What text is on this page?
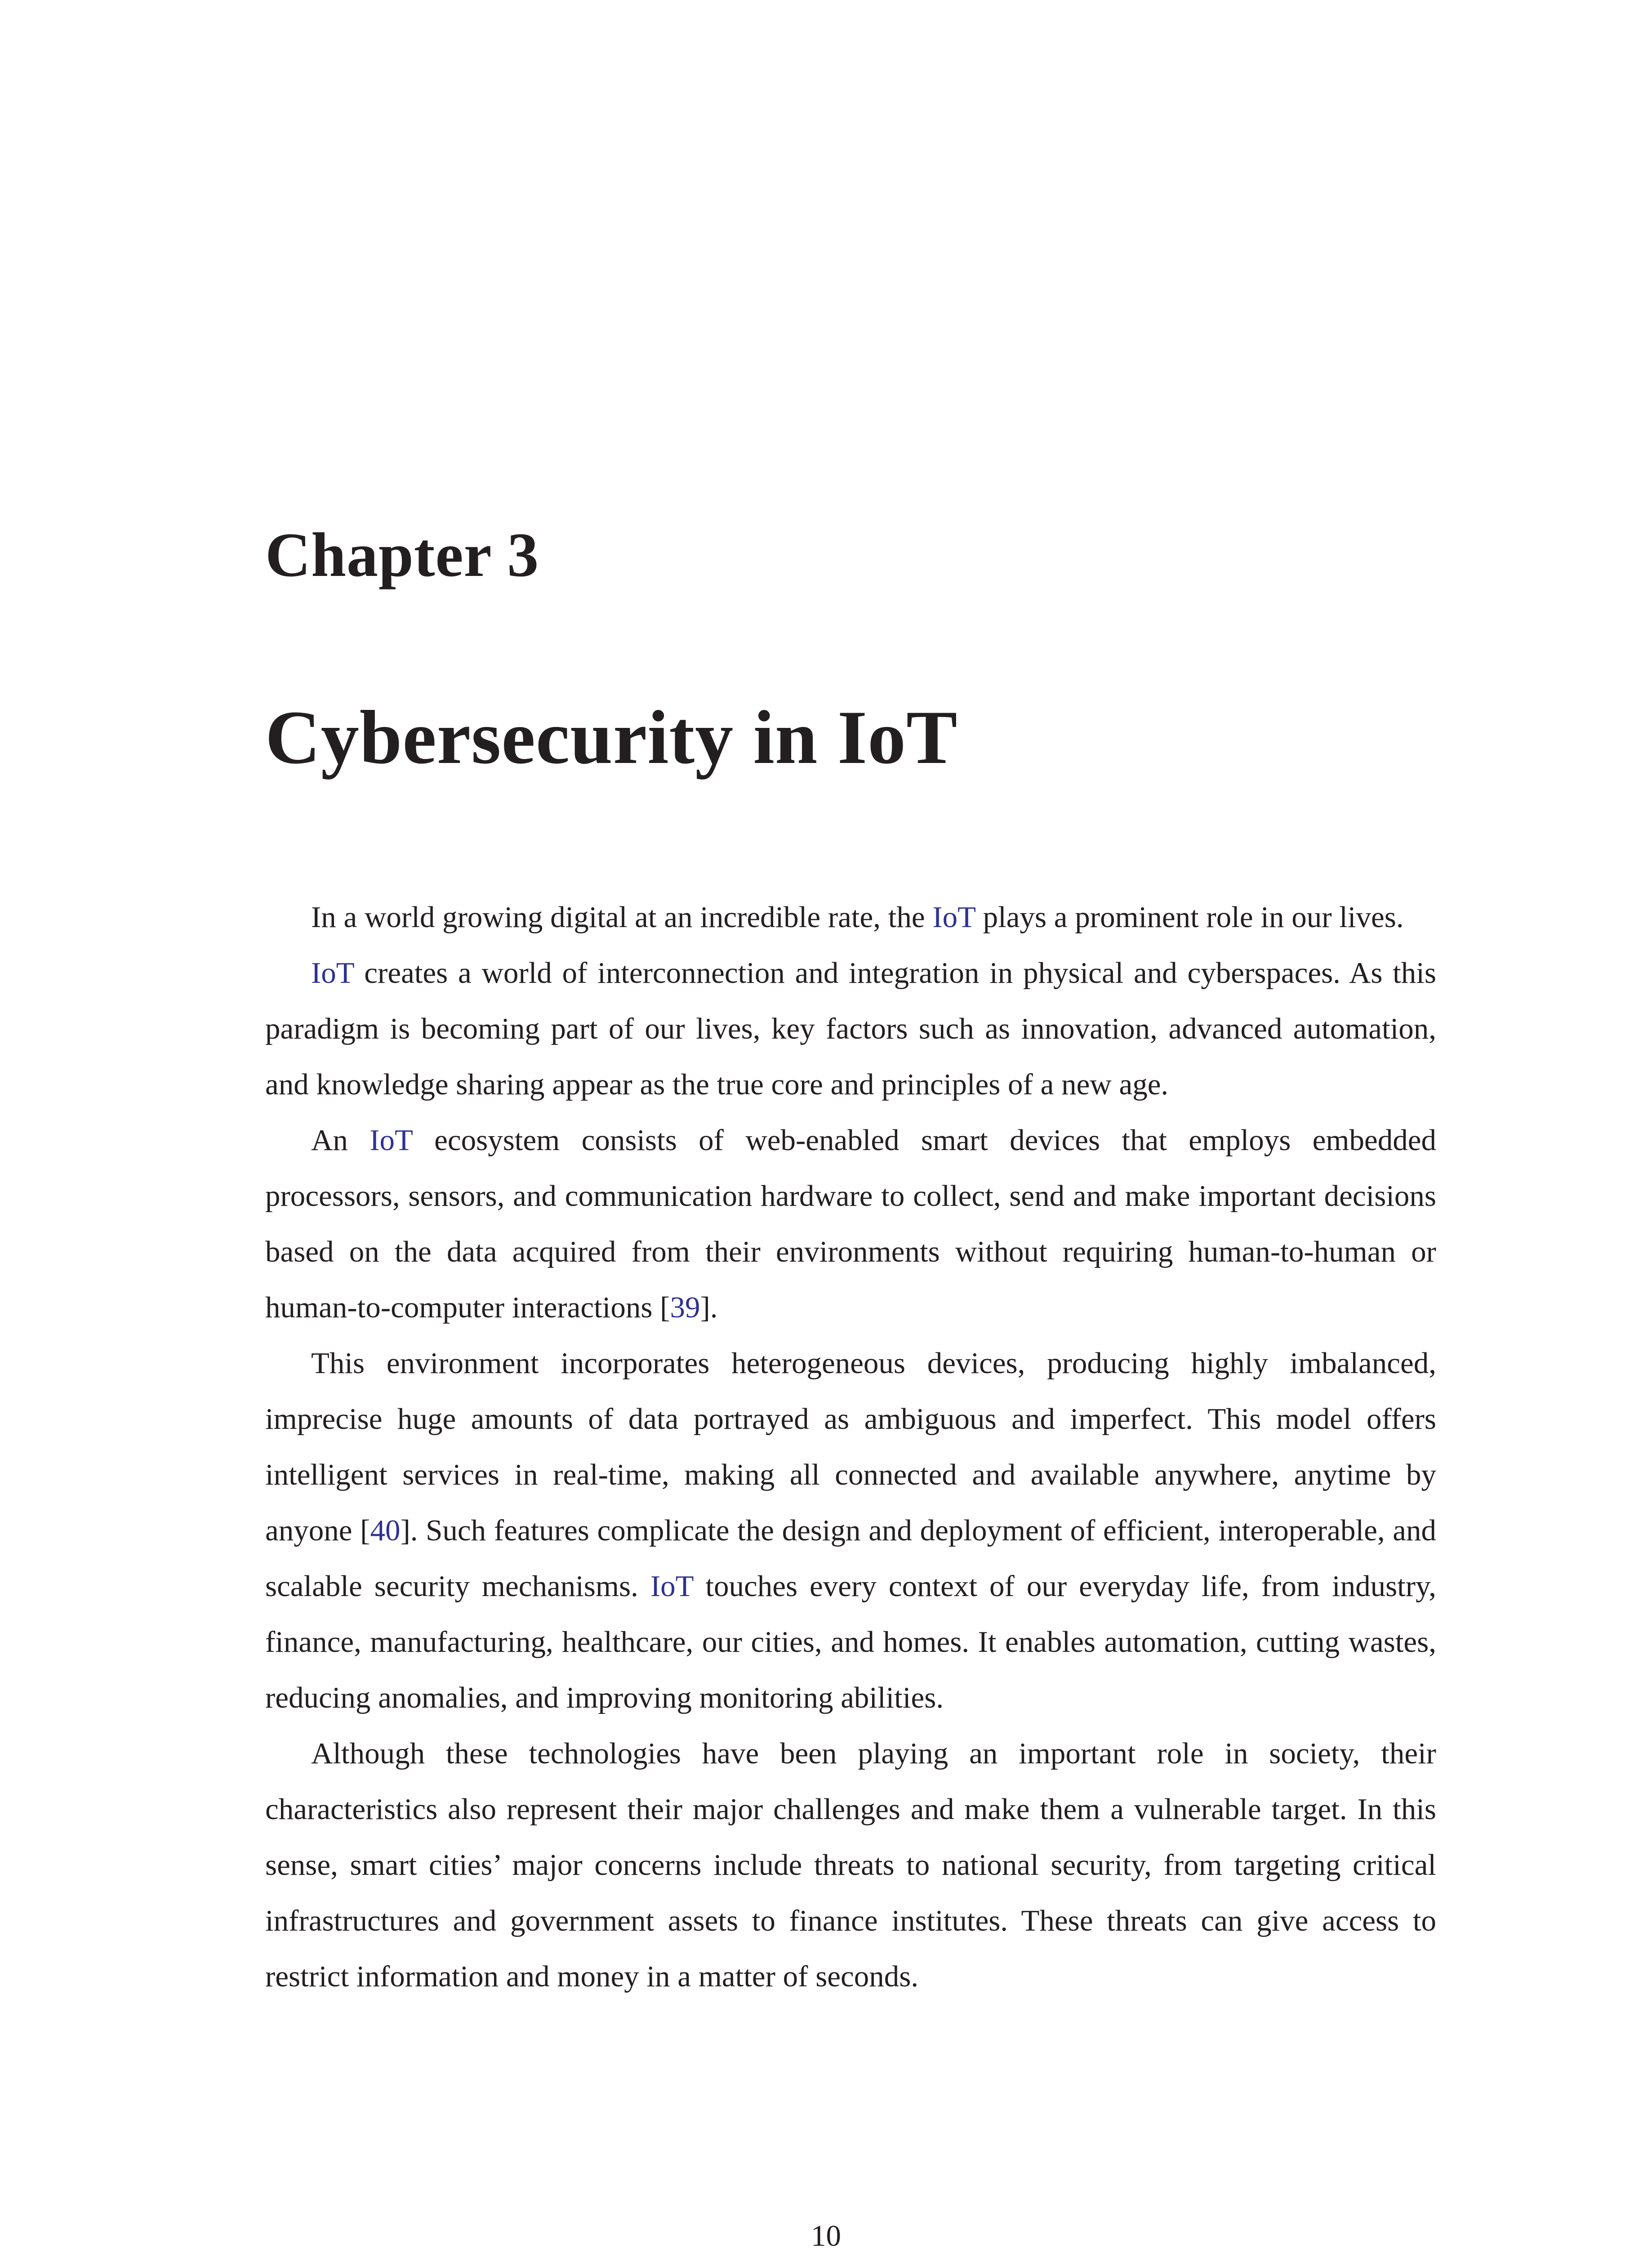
Chapter 3
Cybersecurity in IoT

In a world growing digital at an incredible rate, the IoT plays a prominent role in our lives.

IoT creates a world of interconnection and integration in physical and cyberspaces. As this paradigm is becoming part of our lives, key factors such as innovation, advanced automation, and knowledge sharing appear as the true core and principles of a new age.

An IoT ecosystem consists of web-enabled smart devices that employs embedded processors, sensors, and communication hardware to collect, send and make important decisions based on the data acquired from their environments without requiring human-to-human or human-to-computer interactions [39].

This environment incorporates heterogeneous devices, producing highly imbalanced, imprecise huge amounts of data portrayed as ambiguous and imperfect. This model offers intelligent services in real-time, making all connected and available anywhere, anytime by anyone [40]. Such features complicate the design and deployment of efficient, interoperable, and scalable security mechanisms. IoT touches every context of our everyday life, from industry, finance, manufacturing, healthcare, our cities, and homes. It enables automation, cutting wastes, reducing anomalies, and improving monitoring abilities.

Although these technologies have been playing an important role in society, their characteristics also represent their major challenges and make them a vulnerable target. In this sense, smart cities’ major concerns include threats to national security, from targeting critical infrastructures and government assets to finance institutes. These threats can give access to restrict information and money in a matter of seconds.

10
